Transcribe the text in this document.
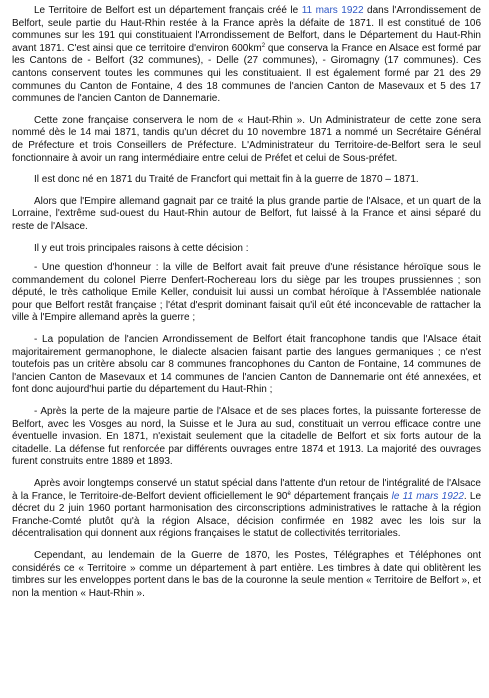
Le Territoire de Belfort est un département français créé le 11 mars 1922 dans l'Arrondissement de Belfort, seule partie du Haut-Rhin restée à la France après la défaite de 1871. Il est constitué de 106 communes sur les 191 qui constituaient l'Arrondissement de Belfort, dans le Département du Haut-Rhin avant 1871. C'est ainsi que ce territoire d'environ $600km^2$ que conserva la France en Alsace est formé par les Cantons de - Belfort (32 communes), - Delle (27 communes), - Giromagny (17 communes). Ces cantons conservent toutes les communes qui les constituaient. Il est également formé par 21 des 29 communes du Canton de Fontaine, 4 des 18 communes de l'ancien Canton de Masevaux et 5 des 17 communes de l'ancien Canton de Dannemarie.

Cette zone française conservera le nom de « Haut-Rhin ». Un Administrateur de cette zone sera nommé dès le 14 mai 1871, tandis qu'un décret du 10 novembre 1871 a nommé un Secrétaire Général de Préfecture et trois Conseillers de Préfecture. L'Administrateur du Territoire-de-Belfort sera le seul fonctionnaire à avoir un rang intermédiaire entre celui de Préfet et celui de Sous-préfet.

Il est donc né en 1871 du Traité de Francfort qui mettait fin à la guerre de 1870 – 1871.

Alors que l'Empire allemand gagnait par ce traité la plus grande partie de l'Alsace, et un quart de la Lorraine, l'extrême sud-ouest du Haut-Rhin autour de Belfort, fut laissé à la France et ainsi séparé du reste de l'Alsace.

Il y eut trois principales raisons à cette décision :

- Une question d'honneur : la ville de Belfort avait fait preuve d'une résistance héroïque sous le commandement du colonel Pierre Denfert-Rochereau lors du siège par les troupes prussiennes ; son député, le très catholique Emile Keller, conduisit lui aussi un combat héroïque à l'Assemblée nationale pour que Belfort restât française ; l'état d'esprit dominant faisait qu'il eût été inconcevable de rattacher la ville à l'Empire allemand après la guerre ;

- La population de l'ancien Arrondissement de Belfort était francophone tandis que l'Alsace était majoritairement germanophone, le dialecte alsacien faisant partie des langues germaniques ; ce n'est toutefois pas un critère absolu car 8 communes francophones du Canton de Fontaine, 14 communes de l'ancien Canton de Masevaux et 14 communes de l'ancien Canton de Dannemarie ont été annexées, et font donc aujourd'hui partie du département du Haut-Rhin ;

- Après la perte de la majeure partie de l'Alsace et de ses places fortes, la puissante forteresse de Belfort, avec les Vosges au nord, la Suisse et le Jura au sud, constituait un verrou efficace contre une éventuelle invasion. En 1871, n'existait seulement que la citadelle de Belfort et six forts autour de la citadelle. La défense fut renforcée par différents ouvrages entre 1874 et 1913. La majorité des ouvrages furent construits entre 1889 et 1893.

Après avoir longtemps conservé un statut spécial dans l'attente d'un retour de l'intégralité de l'Alsace à la France, le Territoire-de-Belfort devient officiellement le $90^è$ département français le 11 mars 1922. Le décret du 2 juin 1960 portant harmonisation des circonscriptions administratives le rattache à la région Franche-Comté plutôt qu'à la région Alsace, décision confirmée en 1982 avec les lois sur la décentralisation qui donnent aux régions françaises le statut de collectivités territoriales.

Cependant, au lendemain de la Guerre de 1870, les Postes, Télégraphes et Téléphones ont considérés ce « Territoire » comme un département à part entière. Les timbres à date qui oblitèrent les timbres sur les enveloppes portent dans le bas de la couronne la seule mention « Territoire de Belfort », et non la mention « Haut-Rhin ».
